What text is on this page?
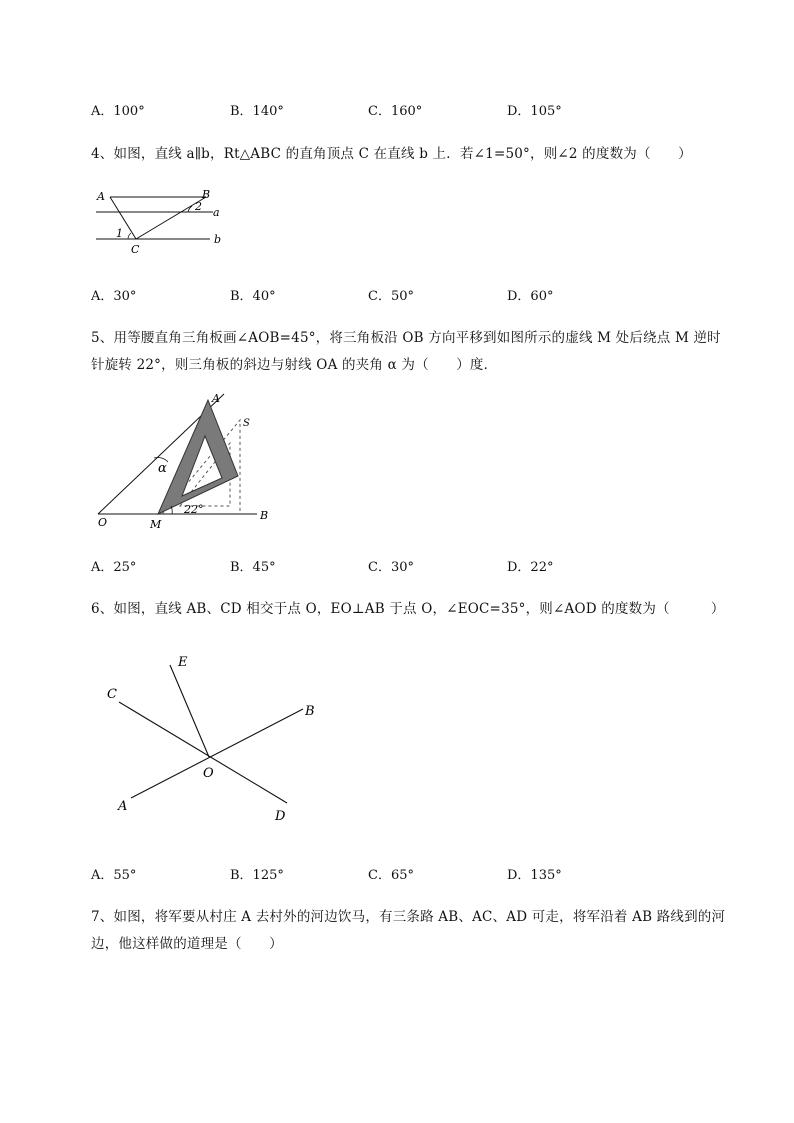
A．100°	B．140°	C．160°	D．105°
4、如图，直线 a∥b，Rt△ABC 的直角顶点 C 在直线 b 上．若∠1=50°，则∠2 的度数为（　　）
A	B
2 a
1
C
b
A．30°	B．40°	C．50°	D．60°
5、用等腰直角三角板画∠AOB=45°，将三角板沿 OB 方向平移到如图所示的虚线 M 处后绕点 M 逆时
针旋转 22°，则三角板的斜边与射线 OA 的夹角 α 为（　　）度．
A
S
α
O	M
22°	B
A．25°	B．45°	C．30°	D．22°
6、如图，直线 AB、CD 相交于点 O，EO⊥AB 于点 O，∠EOC=35°，则∠AOD 的度数为（　　　）
E
C
B
O
A
D
A．55°	B．125°	C．65°	D．135°
7、如图，将军要从村庄 A 去村外的河边饮马，有三条路 AB、AC、AD 可走，将军沿着 AB 路线到的河
边，他这样做的道理是（　　）
